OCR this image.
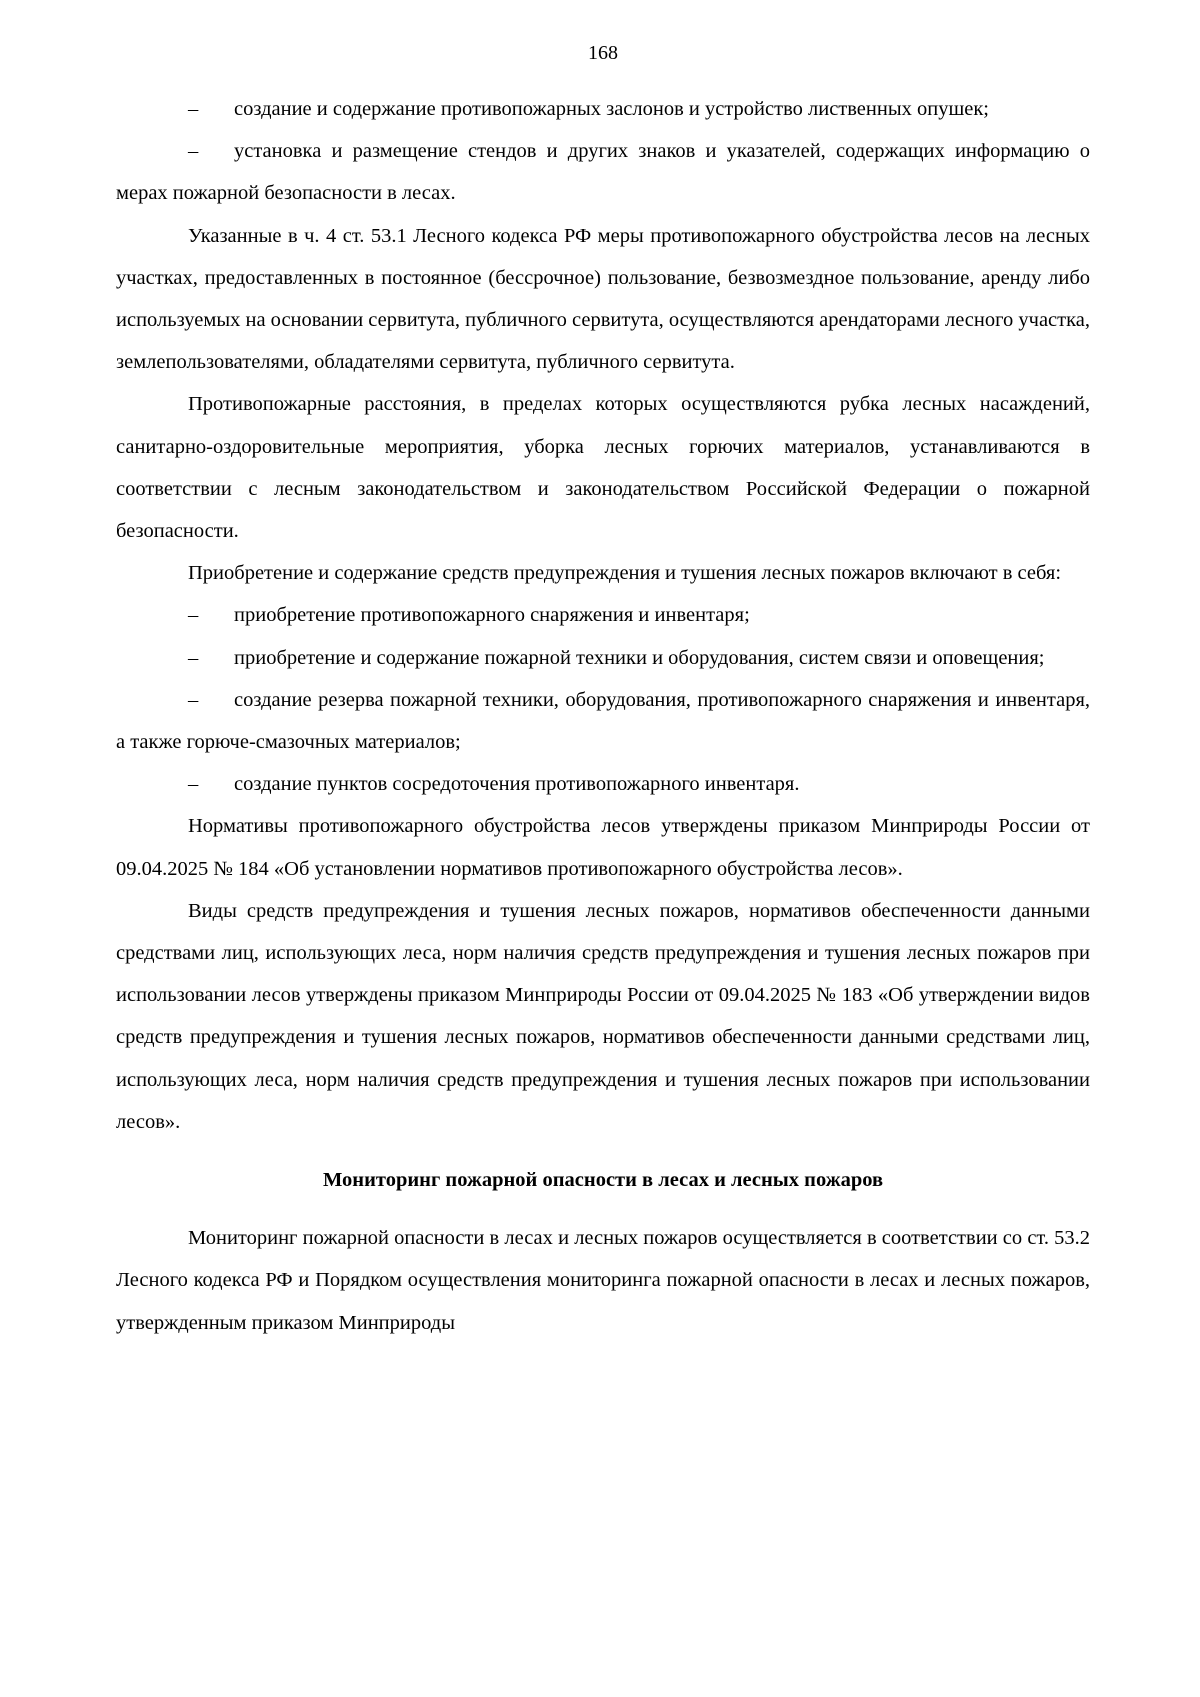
168

– создание и содержание противопожарных заслонов и устройство лиственных опушек;

– установка и размещение стендов и других знаков и указателей, содержащих информацию о мерах пожарной безопасности в лесах.

Указанные в ч. 4 ст. 53.1 Лесного кодекса РФ меры противопожарного обустройства лесов на лесных участках, предоставленных в постоянное (бессрочное) пользование, безвозмездное пользование, аренду либо используемых на основании сервитута, публичного сервитута, осуществляются арендаторами лесного участка, землепользователями, обладателями сервитута, публичного сервитута.

Противопожарные расстояния, в пределах которых осуществляются рубка лесных насаждений, санитарно-оздоровительные мероприятия, уборка лесных горючих материалов, устанавливаются в соответствии с лесным законодательством и законодательством Российской Федерации о пожарной безопасности.

Приобретение и содержание средств предупреждения и тушения лесных пожаров включают в себя:

– приобретение противопожарного снаряжения и инвентаря;

– приобретение и содержание пожарной техники и оборудования, систем связи и оповещения;

– создание резерва пожарной техники, оборудования, противопожарного снаряжения и инвентаря, а также горюче-смазочных материалов;

– создание пунктов сосредоточения противопожарного инвентаря.

Нормативы противопожарного обустройства лесов утверждены приказом Минприроды России от 09.04.2025 № 184 «Об установлении нормативов противопожарного обустройства лесов».

Виды средств предупреждения и тушения лесных пожаров, нормативов обеспеченности данными средствами лиц, использующих леса, норм наличия средств предупреждения и тушения лесных пожаров при использовании лесов утверждены приказом Минприроды России от 09.04.2025 № 183 «Об утверждении видов средств предупреждения и тушения лесных пожаров, нормативов обеспеченности данными средствами лиц, использующих леса, норм наличия средств предупреждения и тушения лесных пожаров при использовании лесов».

Мониторинг пожарной опасности в лесах и лесных пожаров

Мониторинг пожарной опасности в лесах и лесных пожаров осуществляется в соответствии со ст. 53.2 Лесного кодекса РФ и Порядком осуществления мониторинга пожарной опасности в лесах и лесных пожаров, утвержденным приказом Минприроды
